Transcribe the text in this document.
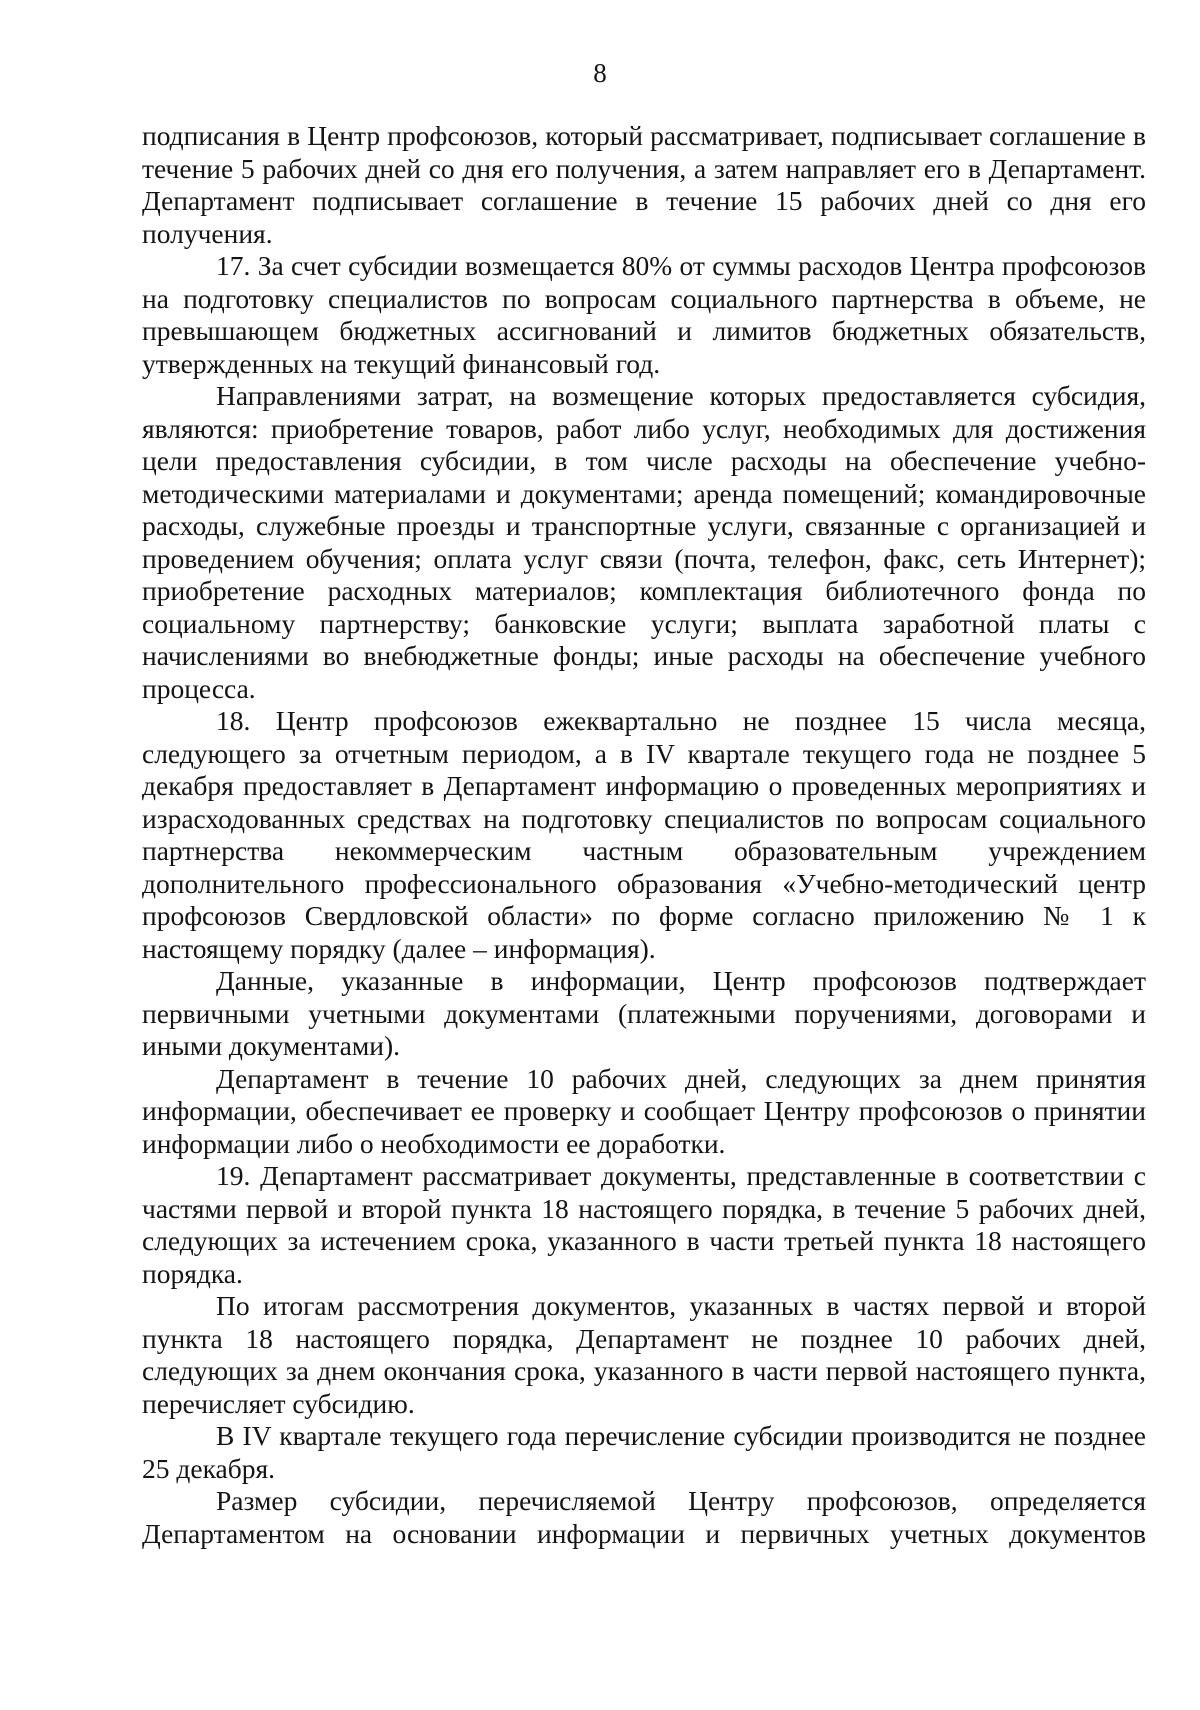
8

подписания в Центр профсоюзов, который рассматривает, подписывает соглашение в течение 5 рабочих дней со дня его получения, а затем направляет его в Департамент. Департамент подписывает соглашение в течение 15 рабочих дней со дня его получения.

17. За счет субсидии возмещается 80% от суммы расходов Центра профсоюзов на подготовку специалистов по вопросам социального партнерства в объеме, не превышающем бюджетных ассигнований и лимитов бюджетных обязательств, утвержденных на текущий финансовый год.

Направлениями затрат, на возмещение которых предоставляется субсидия, являются: приобретение товаров, работ либо услуг, необходимых для достижения цели предоставления субсидии, в том числе расходы на обеспечение учебно-методическими материалами и документами; аренда помещений; командировочные расходы, служебные проезды и транспортные услуги, связанные с организацией и проведением обучения; оплата услуг связи (почта, телефон, факс, сеть Интернет); приобретение расходных материалов; комплектация библиотечного фонда по социальному партнерству; банковские услуги; выплата заработной платы с начислениями во внебюджетные фонды; иные расходы на обеспечение учебного процесса.

18. Центр профсоюзов ежеквартально не позднее 15 числа месяца, следующего за отчетным периодом, а в IV квартале текущего года не позднее 5 декабря предоставляет в Департамент информацию о проведенных мероприятиях и израсходованных средствах на подготовку специалистов по вопросам социального партнерства некоммерческим частным образовательным учреждением дополнительного профессионального образования «Учебно-методический центр профсоюзов Свердловской области» по форме согласно приложению № 1 к настоящему порядку (далее – информация).

Данные, указанные в информации, Центр профсоюзов подтверждает первичными учетными документами (платежными поручениями, договорами и иными документами).

Департамент в течение 10 рабочих дней, следующих за днем принятия информации, обеспечивает ее проверку и сообщает Центру профсоюзов о принятии информации либо о необходимости ее доработки.

19. Департамент рассматривает документы, представленные в соответствии с частями первой и второй пункта 18 настоящего порядка, в течение 5 рабочих дней, следующих за истечением срока, указанного в части третьей пункта 18 настоящего порядка.

По итогам рассмотрения документов, указанных в частях первой и второй пункта 18 настоящего порядка, Департамент не позднее 10 рабочих дней, следующих за днем окончания срока, указанного в части первой настоящего пункта, перечисляет субсидию.

В IV квартале текущего года перечисление субсидии производится не позднее 25 декабря.

Размер субсидии, перечисляемой Центру профсоюзов, определяется Департаментом на основании информации и первичных учетных документов
